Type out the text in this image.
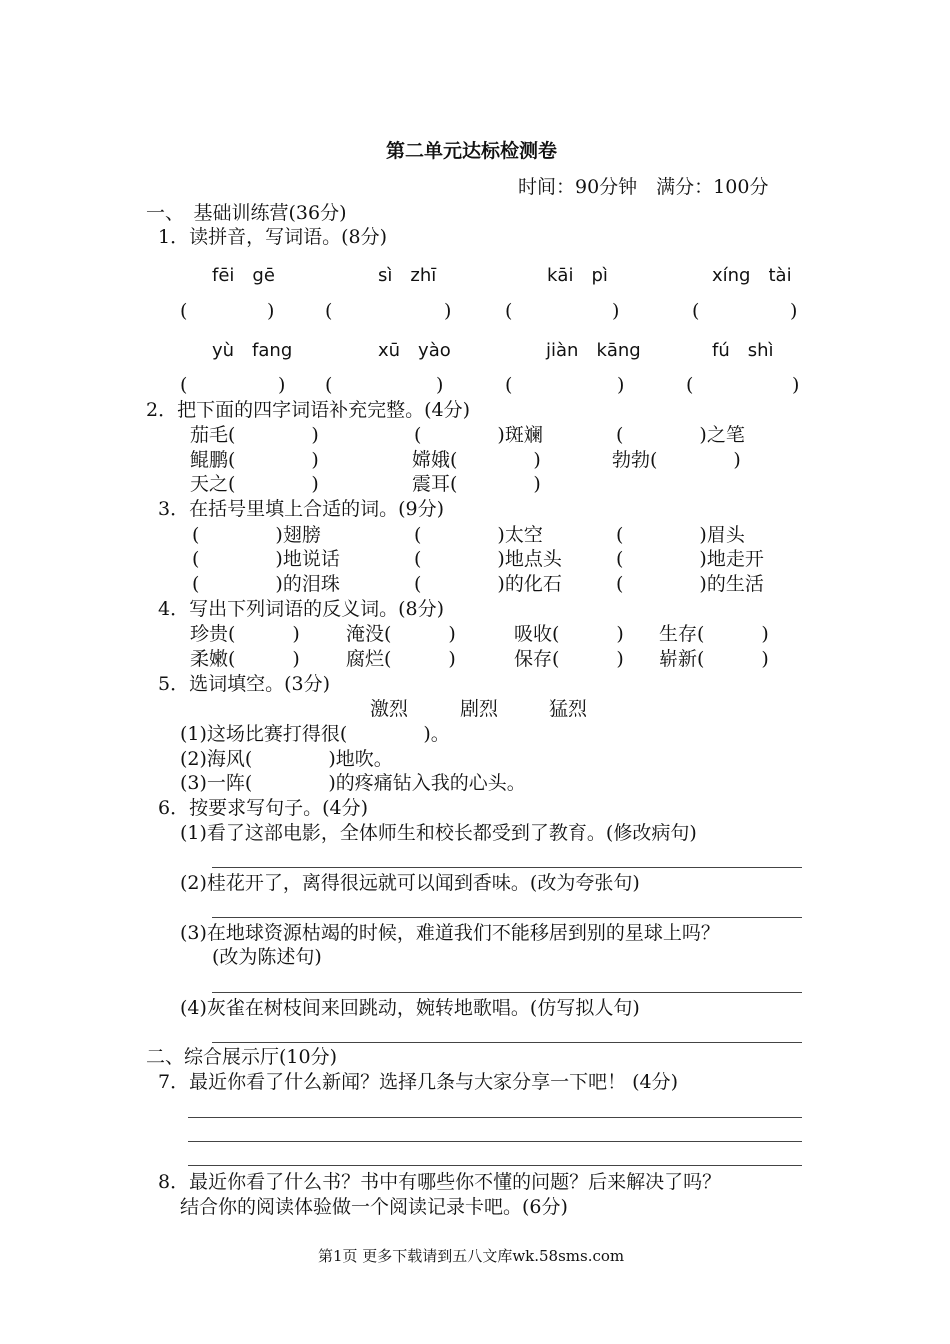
第二单元达标检测卷
时间：90分钟　满分：100分
一、　基础训练营(36分)
1．读拼音，写词语。(8分)
fēi　gē	sì　zhī	kāi　pì	xíng　tài
(	)	(	)	(	)	(	)
yù　fang	xū　yào	jiàn　kāng	fú　shì
(	) (	)	(	)	(	)
2．把下面的四字词语补充完整。(4分)
茄毛(　　　　)	(　　　　)斑斓	(　　　　)之笔
鲲鹏(　　　　)	嫦娥(　　　　)	勃勃(　　　　)
天之(　　　　)	震耳(　　　　)
3．在括号里填上合适的词。(9分)
(　　　　)翅膀	(　　　　)太空	(　　　　)眉头
(　　　　)地说话	(　　　　)地点头	(　　　　)地走开
(　　　　)的泪珠	(　　　　)的化石	(　　　　)的生活
4．写出下列词语的反义词。(8分)
珍贵(　　　) 淹没(　　　)	吸收(　　　) 生存(　　　)
柔嫩(　　　) 腐烂(　　　)	保存(　　　) 崭新(　　　)
5．选词填空。(3分)
激烈	剧烈	猛烈
(1)这场比赛打得很(　　　　)。
(2)海风(　　　　)地吹。
(3)一阵(　　　　)的疼痛钻入我的心头。
6．按要求写句子。(4分)
(1)看了这部电影，全体师生和校长都受到了教育。(修改病句)
(2)桂花开了，离得很远就可以闻到香味。(改为夸张句)
(3)在地球资源枯竭的时候，难道我们不能移居到别的星球上吗？
(改为陈述句)
(4)灰雀在树枝间来回跳动，婉转地歌唱。(仿写拟人句)
二、综合展示厅(10分)
7．最近你看了什么新闻？选择几条与大家分享一下吧！ (4分)
8．最近你看了什么书？书中有哪些你不懂的问题？后来解决了吗？
结合你的阅读体验做一个阅读记录卡吧。(6分)
第1页 更多下载请到五八文库wk.58sms.com
